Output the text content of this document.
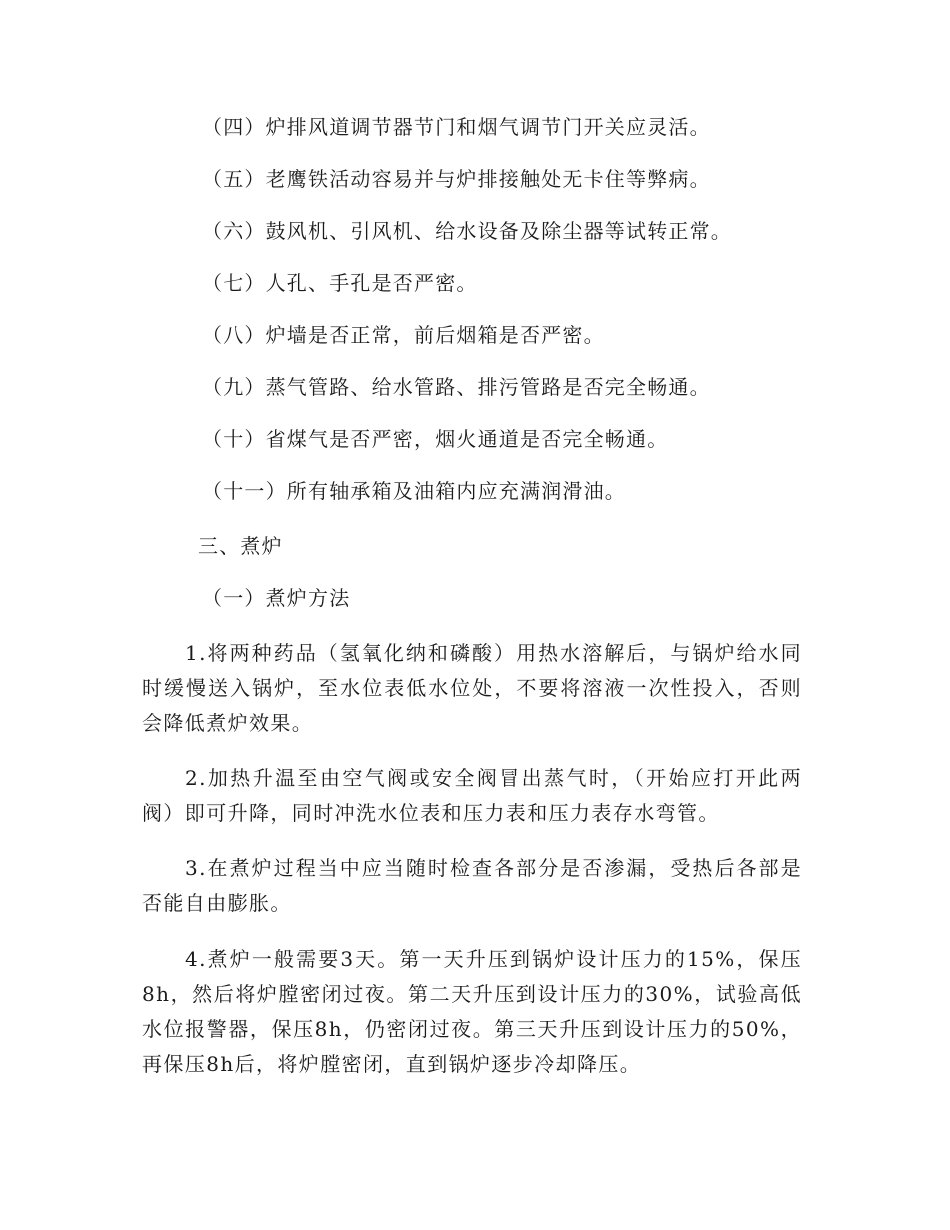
（四）炉排风道调节器节门和烟气调节门开关应灵活。
（五）老鹰铁活动容易并与炉排接触处无卡住等弊病。
（六）鼓风机、引风机、给水设备及除尘器等试转正常。
（七）人孔、手孔是否严密。
（八）炉墙是否正常，前后烟箱是否严密。
（九）蒸气管路、给水管路、排污管路是否完全畅通。
（十）省煤气是否严密，烟火通道是否完全畅通。
（十一）所有轴承箱及油箱内应充满润滑油。
三、煮炉
（一）煮炉方法

1.将两种药品（氢氧化纳和磷酸）用热水溶解后，与锅炉给水同时缓慢送入锅炉，至水位表低水位处，不要将溶液一次性投入，否则会降低煮炉效果。

2.加热升温至由空气阀或安全阀冒出蒸气时，（开始应打开此两阀）即可升降，同时冲洗水位表和压力表和压力表存水弯管。

3.在煮炉过程当中应当随时检查各部分是否渗漏，受热后各部是否能自由膨胀。

4.煮炉一般需要3天。第一天升压到锅炉设计压力的15%，保压8h，然后将炉膛密闭过夜。第二天升压到设计压力的30%，试验高低水位报警器，保压8h，仍密闭过夜。第三天升压到设计压力的50%，再保压8h后，将炉膛密闭，直到锅炉逐步冷却降压。
